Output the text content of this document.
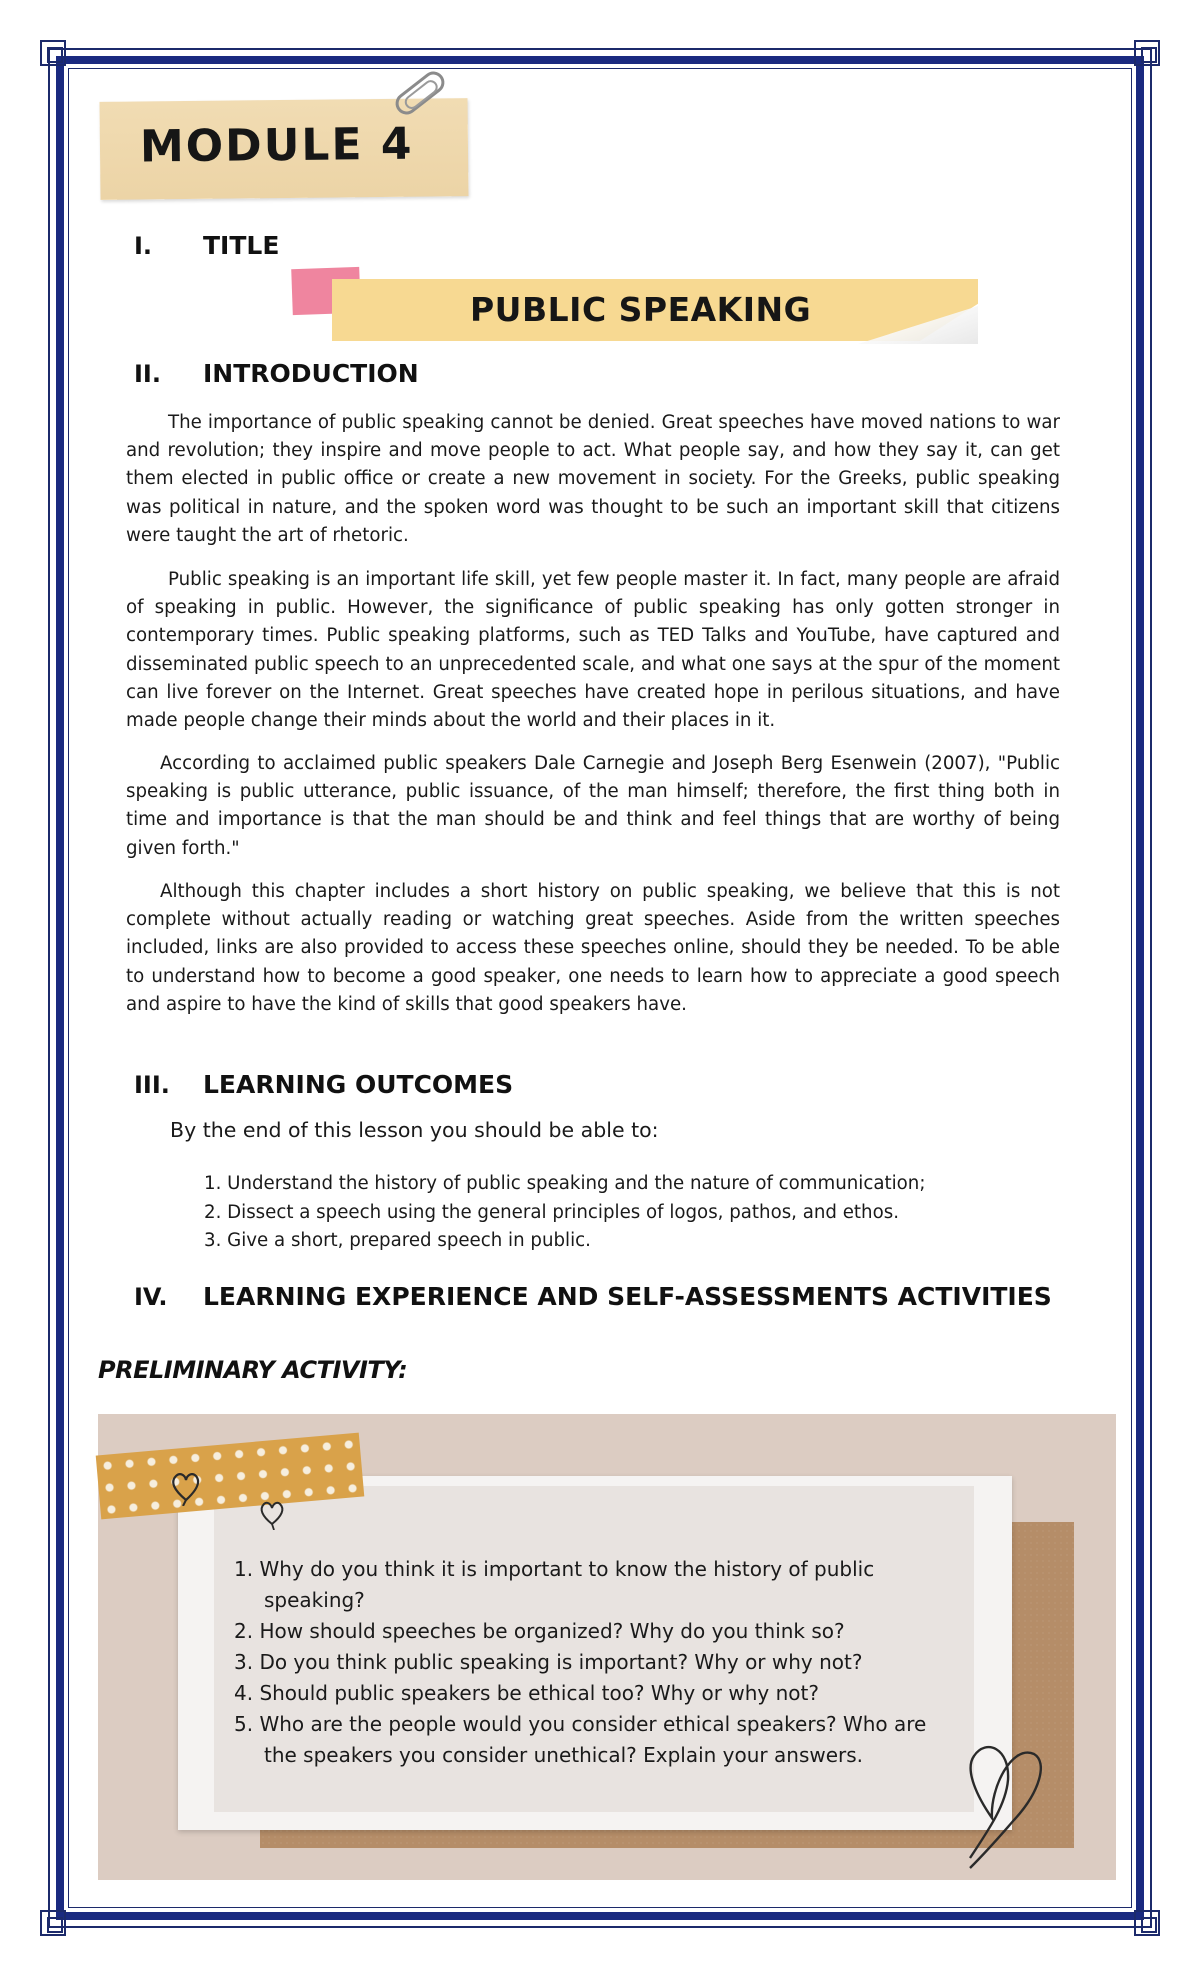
MODULE 4
I. TITLE
PUBLIC SPEAKING
II. INTRODUCTION

The importance of public speaking cannot be denied. Great speeches have moved nations to war and revolution; they inspire and move people to act. What people say, and how they say it, can get them elected in public office or create a new movement in society. For the Greeks, public speaking was political in nature, and the spoken word was thought to be such an important skill that citizens were taught the art of rhetoric.

Public speaking is an important life skill, yet few people master it. In fact, many people are afraid of speaking in public. However, the significance of public speaking has only gotten stronger in contemporary times. Public speaking platforms, such as TED Talks and YouTube, have captured and disseminated public speech to an unprecedented scale, and what one says at the spur of the moment can live forever on the Internet. Great speeches have created hope in perilous situations, and have made people change their minds about the world and their places in it.

According to acclaimed public speakers Dale Carnegie and Joseph Berg Esenwein (2007), "Public speaking is public utterance, public issuance, of the man himself; therefore, the first thing both in time and importance is that the man should be and think and feel things that are worthy of being given forth."

Although this chapter includes a short history on public speaking, we believe that this is not complete without actually reading or watching great speeches. Aside from the written speeches included, links are also provided to access these speeches online, should they be needed. To be able to understand how to become a good speaker, one needs to learn how to appreciate a good speech and aspire to have the kind of skills that good speakers have.

III. LEARNING OUTCOMES
By the end of this lesson you should be able to:
1. Understand the history of public speaking and the nature of communication;
2. Dissect a speech using the general principles of logos, pathos, and ethos.
3. Give a short, prepared speech in public.
IV. LEARNING EXPERIENCE AND SELF-ASSESSMENTS ACTIVITIES
PRELIMINARY ACTIVITY:
1. Why do you think it is important to know the history of public speaking?
2. How should speeches be organized? Why do you think so?
3. Do you think public speaking is important? Why or why not?
4. Should public speakers be ethical too? Why or why not?
5. Who are the people would you consider ethical speakers? Who are the speakers you consider unethical? Explain your answers.
